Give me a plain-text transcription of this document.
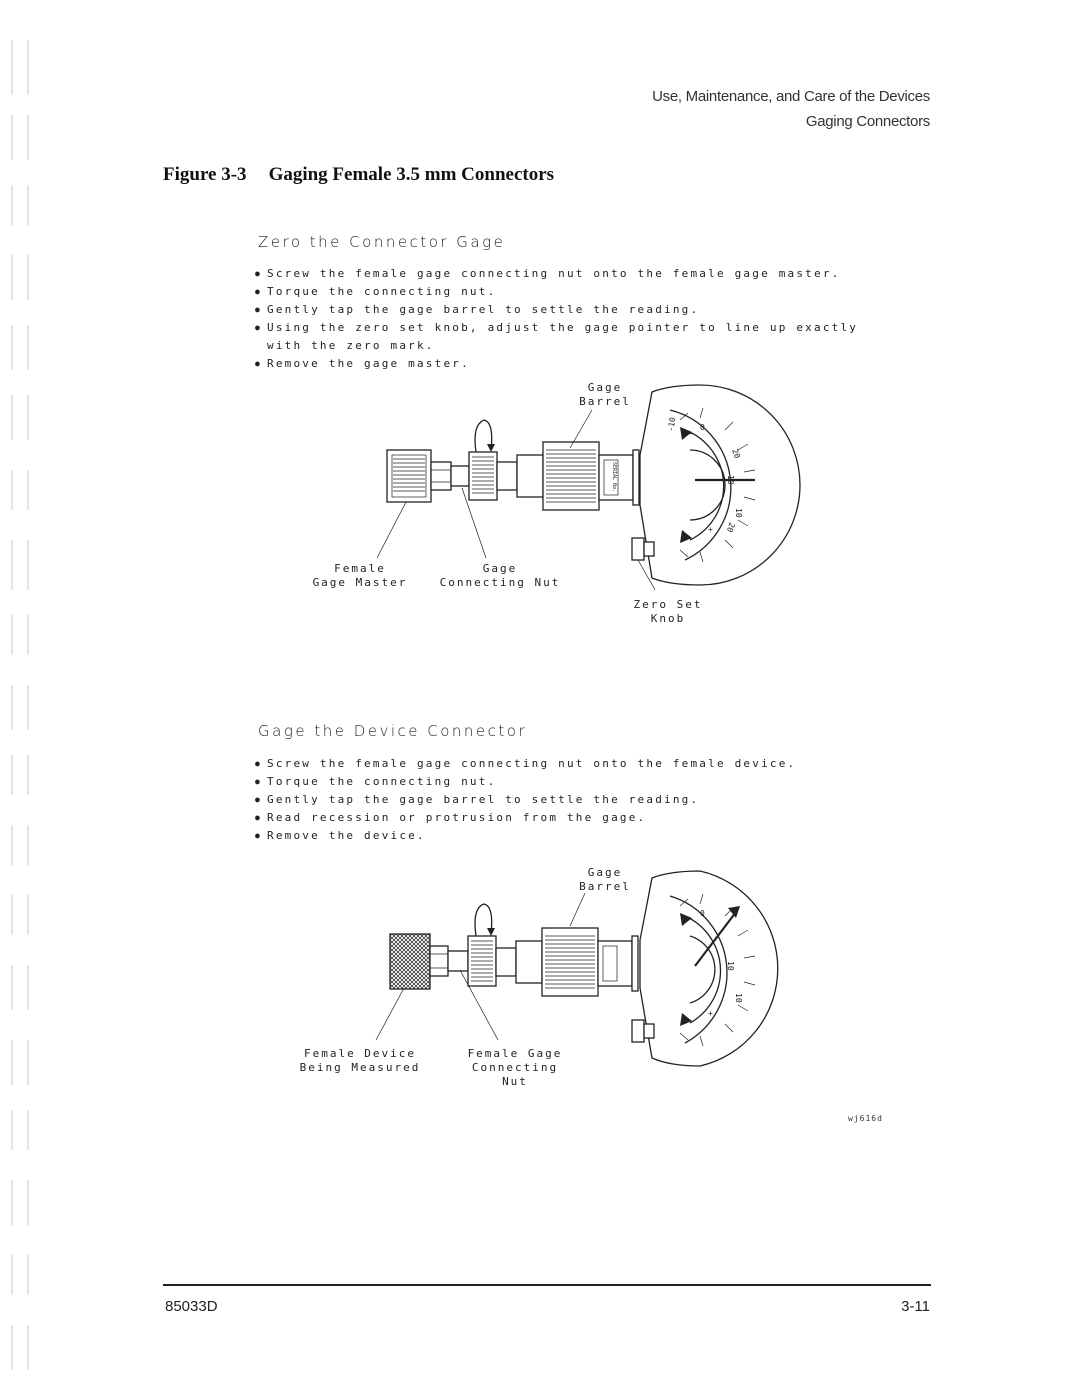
Use, Maintenance, and Care of the Devices
Gaging Connectors
Figure 3-3 Gaging Female 3.5 mm Connectors
Zero the Connector Gage
● Screw the female gage connecting nut onto the female gage master.
● Torque the connecting nut.
● Gently tap the gage barrel to settle the reading.
● Using the zero set knob, adjust the gage pointer to line up exactly
with the zero mark.
● Remove the gage master.
SERIAL No.
-10	0
20
10
10
20
-
+
Gage
Barrel
Female
Gage Master
Gage
Connecting Nut
Zero Set
Knob
Gage the Device Connector
● Screw the female gage connecting nut onto the female device.
● Torque the connecting nut.
● Gently tap the gage barrel to settle the reading.
● Read recession or protrusion from the gage.
● Remove the device.
0
10
10
+
Gage
Barrel
Female Device
Being Measured
Female Gage
Connecting
Nut
wj616d
85033D	3-11
